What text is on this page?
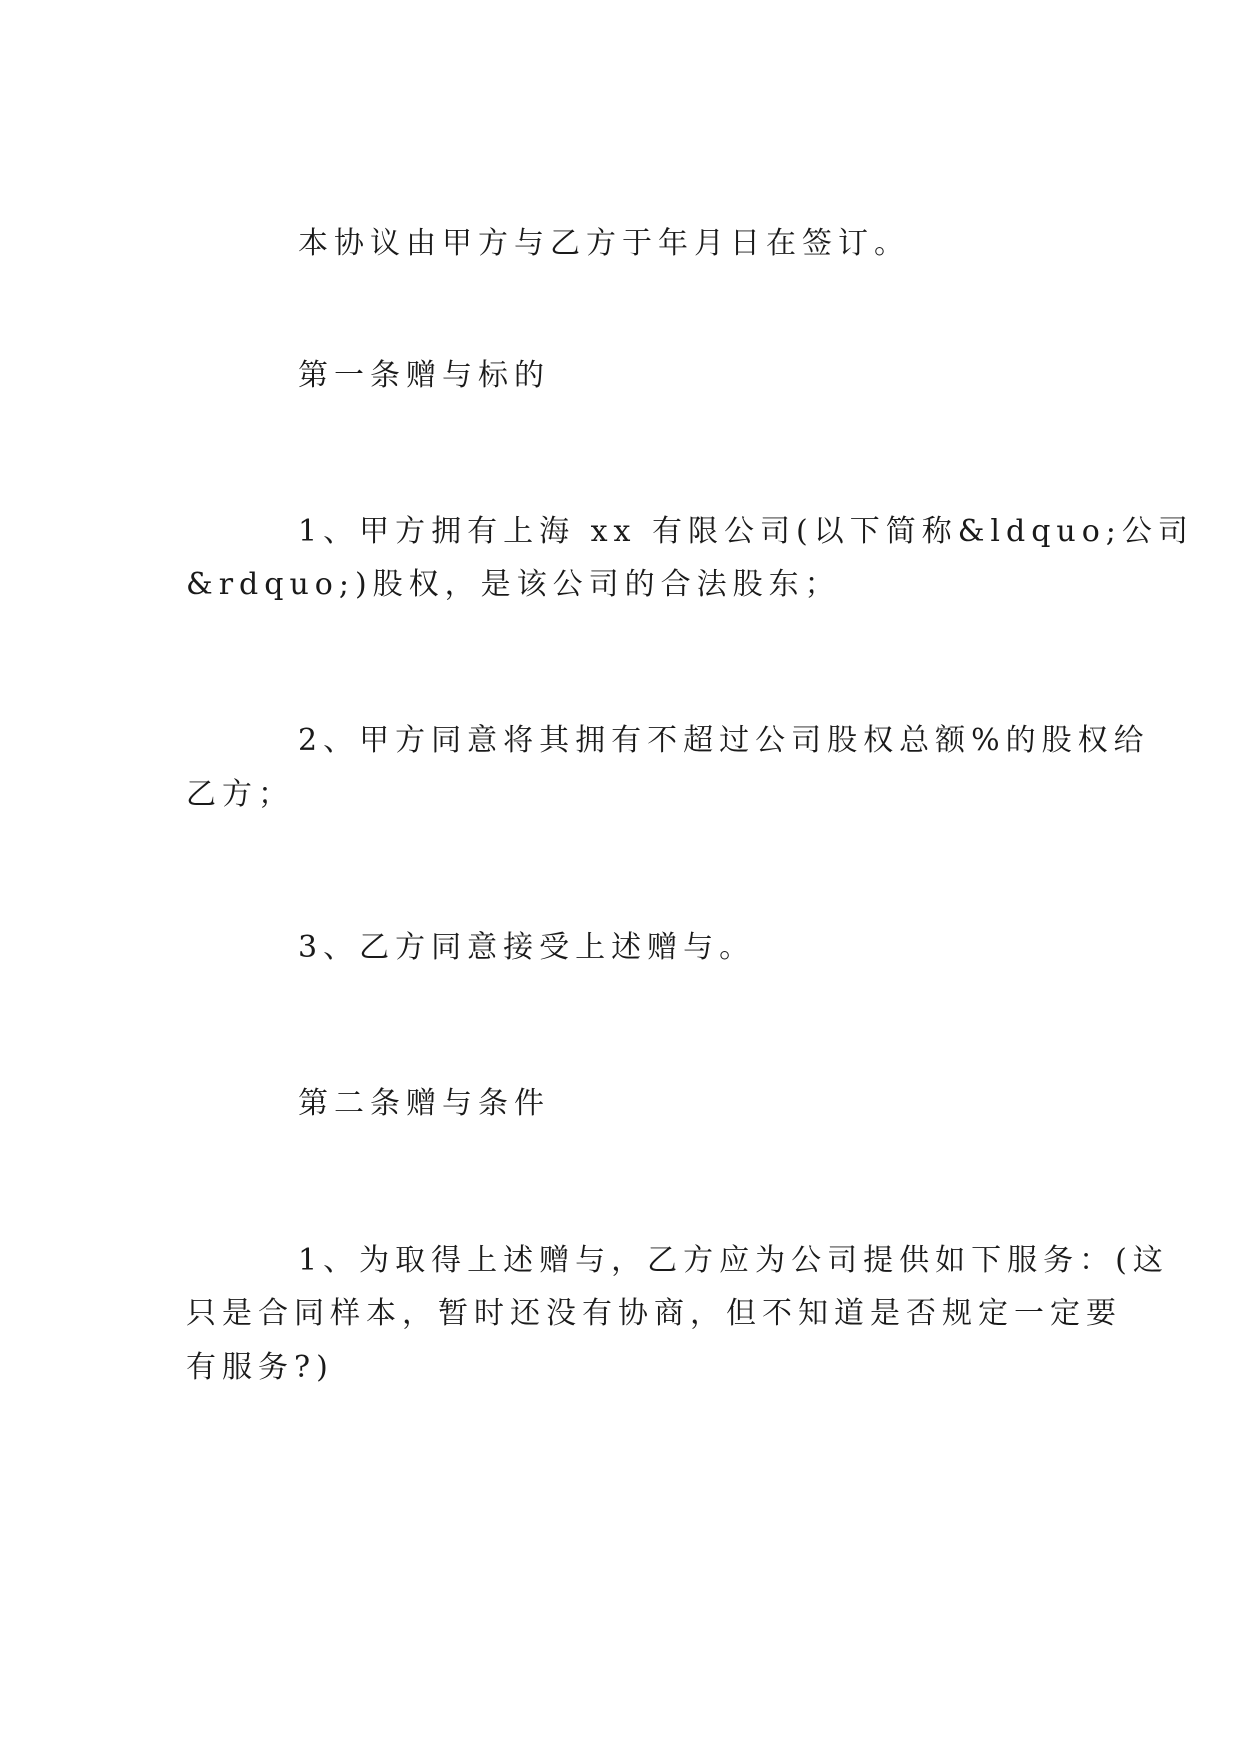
本协议由甲方与乙方于年月日在签订。

第一条赠与标的

1、甲方拥有上海 xx 有限公司(以下简称&ldquo;公司

&rdquo;)股权，是该公司的合法股东；

2、甲方同意将其拥有不超过公司股权总额%的股权给

乙方；

3、乙方同意接受上述赠与。

第二条赠与条件

1、为取得上述赠与，乙方应为公司提供如下服务：(这

只是合同样本，暂时还没有协商，但不知道是否规定一定要

有服务?)
